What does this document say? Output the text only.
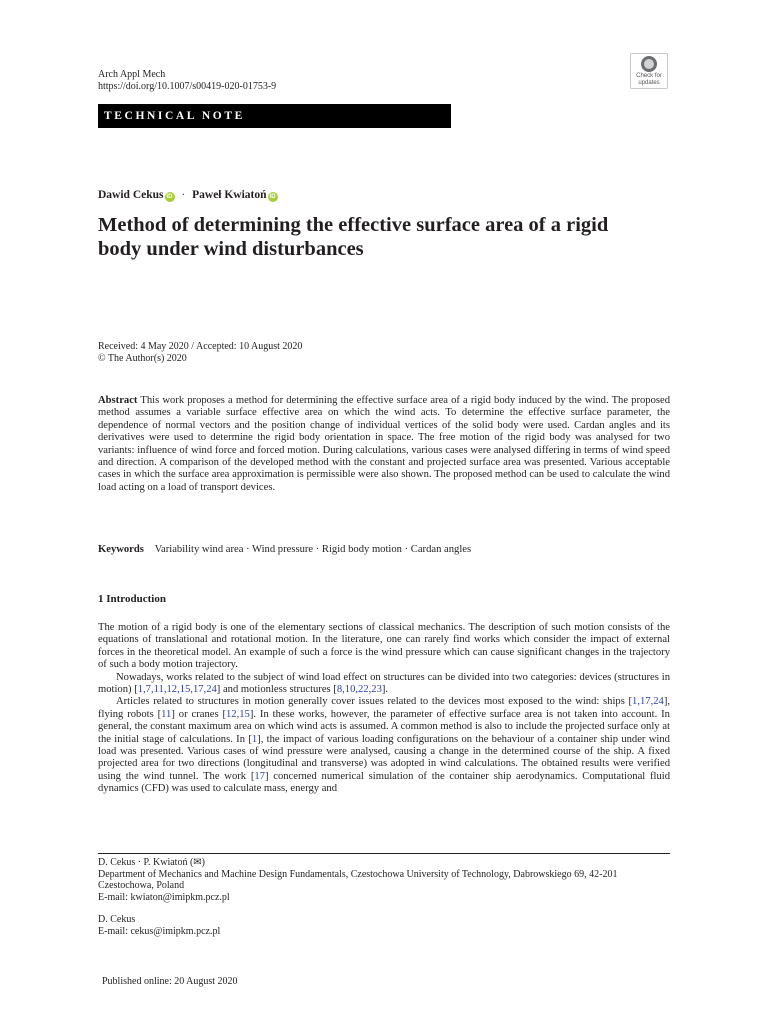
Arch Appl Mech
https://doi.org/10.1007/s00419-020-01753-9
Check for
updates
TECHNICAL NOTE
Dawid Cekus iD · Paweł Kwiatoń iD
Method of determining the effective surface area of a rigid
body under wind disturbances
Received: 4 May 2020 / Accepted: 10 August 2020
© The Author(s) 2020
Abstract This work proposes a method for determining the effective surface area of a rigid body induced by the wind. The proposed method assumes a variable surface effective area on which the wind acts. To determine the effective surface parameter, the dependence of normal vectors and the position change of individual vertices of the solid body were used. Cardan angles and its derivatives were used to determine the rigid body orientation in space. The free motion of the rigid body was analysed for two variants: influence of wind force and forced motion. During calculations, various cases were analysed differing in terms of wind speed and direction. A comparison of the developed method with the constant and projected surface area was presented. Various acceptable cases in which the surface area approximation is permissible were also shown. The proposed method can be used to calculate the wind load acting on a load of transport devices.
Keywords Variability wind area · Wind pressure · Rigid body motion · Cardan angles
1 Introduction

The motion of a rigid body is one of the elementary sections of classical mechanics. The description of such motion consists of the equations of translational and rotational motion. In the literature, one can rarely find works which consider the impact of external forces in the theoretical model. An example of such a force is the wind pressure which can cause significant changes in the trajectory of such a body motion trajectory.

Nowadays, works related to the subject of wind load effect on structures can be divided into two categories: devices (structures in motion) [1,7,11,12,15,17,24] and motionless structures [8,10,22,23].

Articles related to structures in motion generally cover issues related to the devices most exposed to the wind: ships [1,17,24], flying robots [11] or cranes [12,15]. In these works, however, the parameter of effective surface area is not taken into account. In general, the constant maximum area on which wind acts is assumed. A common method is also to include the projected surface only at the initial stage of calculations. In [1], the impact of various loading configurations on the behaviour of a container ship under wind load was presented. Various cases of wind pressure were analysed, causing a change in the determined course of the ship. A fixed projected area for two directions (longitudinal and transverse) was adopted in wind calculations. The obtained results were verified using the wind tunnel. The work [17] concerned numerical simulation of the container ship aerodynamics. Computational fluid dynamics (CFD) was used to calculate mass, energy and

D. Cekus · P. Kwiatoń (✉)
Department of Mechanics and Machine Design Fundamentals, Czestochowa University of Technology, Dabrowskiego 69, 42-201 Czestochowa, Poland
E-mail: kwiaton@imipkm.pcz.pl
D. Cekus
E-mail: cekus@imipkm.pcz.pl
Published online: 20 August 2020
